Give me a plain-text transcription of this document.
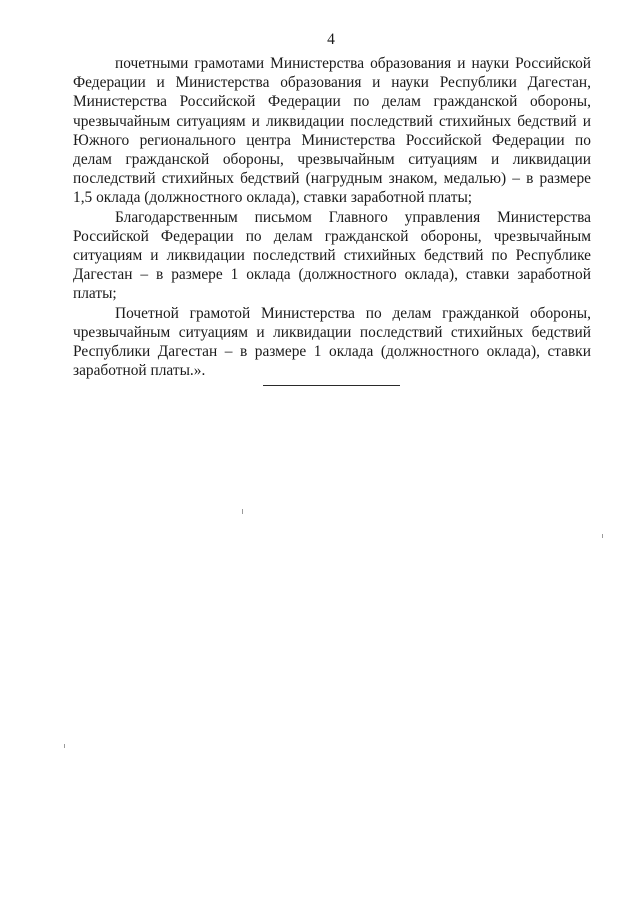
4

почетными грамотами Министерства образования и науки Российской Федерации и Министерства образования и науки Республики Дагестан, Министерства Российской Федерации по делам гражданской обороны, чрезвычайным ситуациям и ликвидации последствий стихийных бедствий и Южного регионального центра Министерства Российской Федерации по делам гражданской обороны, чрезвычайным ситуациям и ликвидации последствий стихийных бедствий (нагрудным знаком, медалью) – в размере 1,5 оклада (должностного оклада), ставки заработной платы;

Благодарственным письмом Главного управления Министерства Российской Федерации по делам гражданской обороны, чрезвычайным ситуациям и ликвидации последствий стихийных бедствий по Республике Дагестан – в размере 1 оклада (должностного оклада), ставки заработной платы;

Почетной грамотой Министерства по делам гражданкой обороны, чрезвычайным ситуациям и ликвидации последствий стихийных бедствий Республики Дагестан – в размере 1 оклада (должностного оклада), ставки заработной платы.».
